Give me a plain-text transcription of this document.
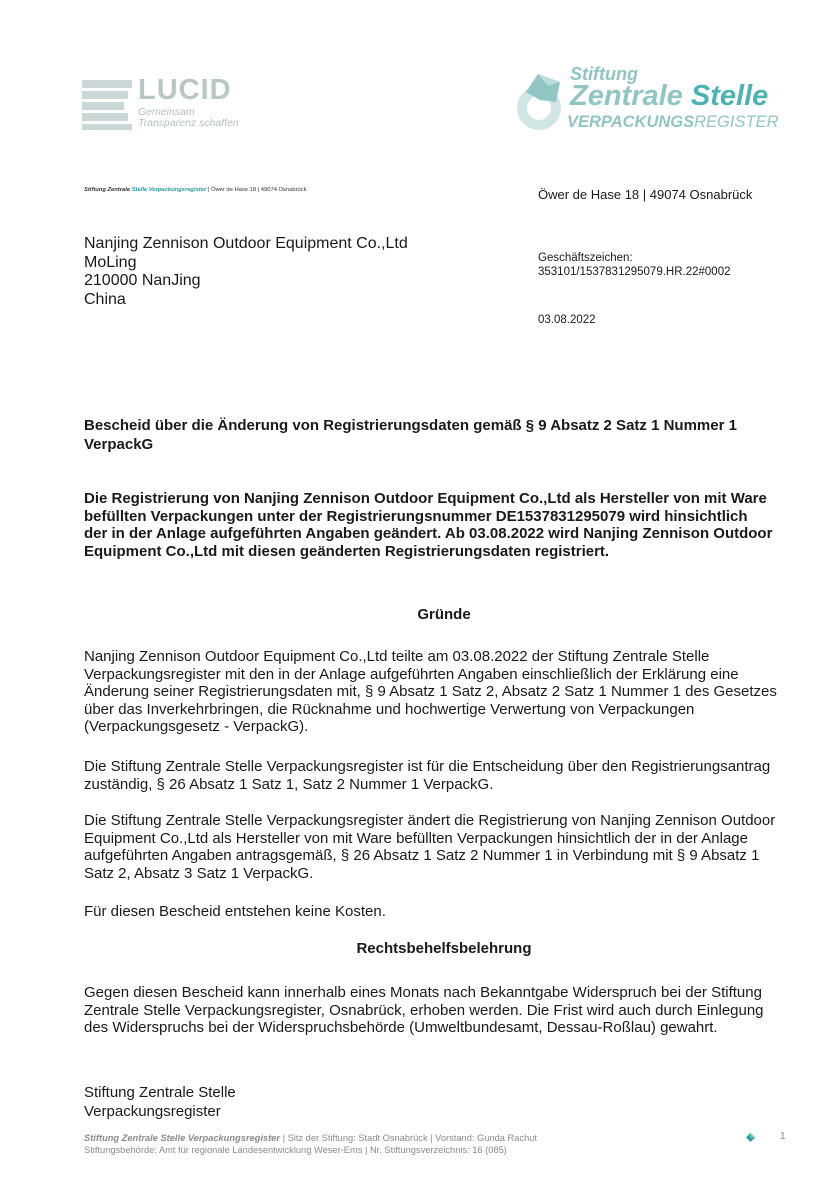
LUCID
Gemeinsam
Transparenz schaffen
Stiftung
Zentrale Stelle
VERPACKUNGSREGISTER
Stiftung Zentrale Stelle Verpackungsregister | Öwer de Hase 18 | 49074 Osnabrück	Öwer de Hase 18 | 49074 Osnabrück
Nanjing Zennison Outdoor Equipment Co.,Ltd
MoLing
210000 NanJing
China
Geschäftszeichen:
353101/1537831295079.HR.22#0002
03.08.2022
Bescheid über die Änderung von Registrierungsdaten gemäß § 9 Absatz 2 Satz 1 Nummer 1 VerpackG
Die Registrierung von Nanjing Zennison Outdoor Equipment Co.,Ltd als Hersteller von mit Ware befüllten Verpackungen unter der Registrierungsnummer DE1537831295079 wird hinsichtlich der in der Anlage aufgeführten Angaben geändert. Ab 03.08.2022 wird Nanjing Zennison Outdoor Equipment Co.,Ltd mit diesen geänderten Registrierungsdaten registriert.
Gründe
Nanjing Zennison Outdoor Equipment Co.,Ltd teilte am 03.08.2022 der Stiftung Zentrale Stelle Verpackungsregister mit den in der Anlage aufgeführten Angaben einschließlich der Erklärung eine Änderung seiner Registrierungsdaten mit, § 9 Absatz 1 Satz 2, Absatz 2 Satz 1 Nummer 1 des Gesetzes über das Inverkehrbringen, die Rücknahme und hochwertige Verwertung von Verpackungen (Verpackungsgesetz - VerpackG).
Die Stiftung Zentrale Stelle Verpackungsregister ist für die Entscheidung über den Registrierungsantrag zuständig, § 26 Absatz 1 Satz 1, Satz 2 Nummer 1 VerpackG.
Die Stiftung Zentrale Stelle Verpackungsregister ändert die Registrierung von Nanjing Zennison Outdoor Equipment Co.,Ltd als Hersteller von mit Ware befüllten Verpackungen hinsichtlich der in der Anlage aufgeführten Angaben antragsgemäß, § 26 Absatz 1 Satz 2 Nummer 1 in Verbindung mit § 9 Absatz 1 Satz 2, Absatz 3 Satz 1 VerpackG.
Für diesen Bescheid entstehen keine Kosten.
Rechtsbehelfsbelehrung
Gegen diesen Bescheid kann innerhalb eines Monats nach Bekanntgabe Widerspruch bei der Stiftung Zentrale Stelle Verpackungsregister, Osnabrück, erhoben werden. Die Frist wird auch durch Einlegung des Widerspruchs bei der Widerspruchsbehörde (Umweltbundesamt, Dessau-Roßlau) gewahrt.
Stiftung Zentrale Stelle
Verpackungsregister
Stiftung Zentrale Stelle Verpackungsregister | Sitz der Stiftung: Stadt Osnabrück | Vorstand: Gunda Rachut
Stiftungsbehörde: Amt für regionale Landesentwicklung Weser-Ems | Nr. Stiftungsverzeichnis: 16 (085)
1
